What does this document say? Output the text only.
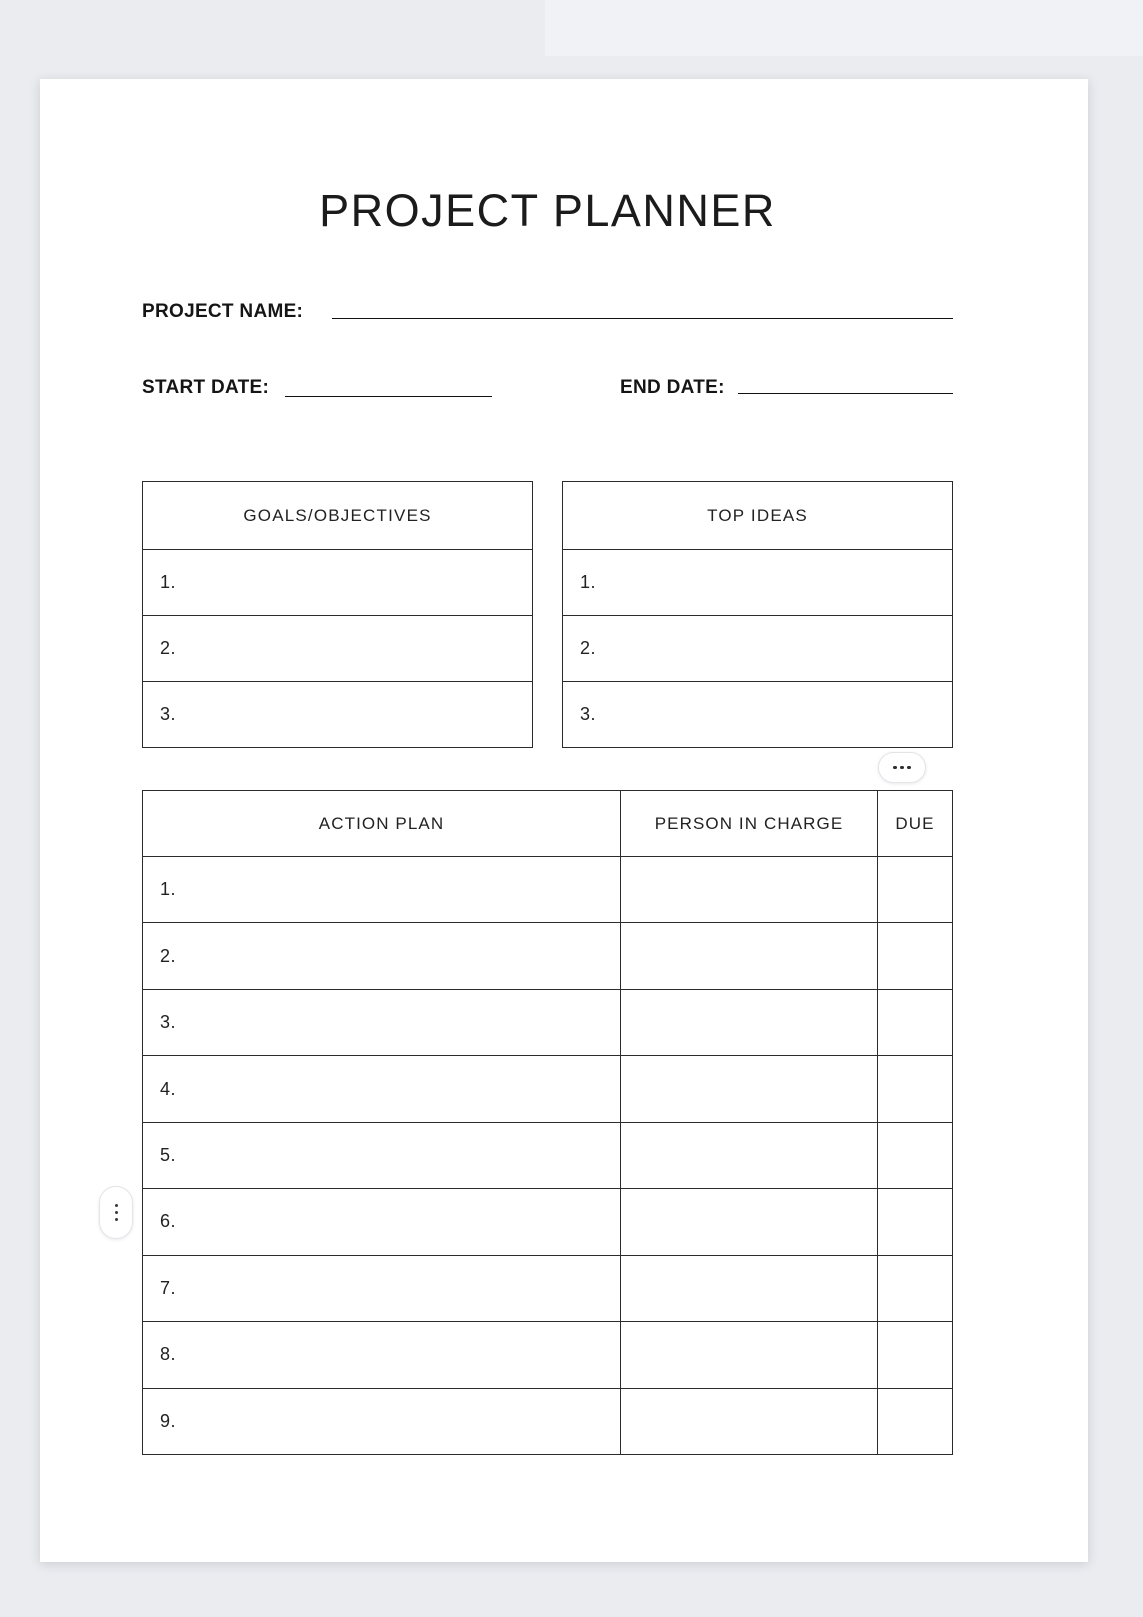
PROJECT PLANNER
PROJECT NAME:
START DATE:	END DATE:
GOALS/OBJECTIVES
1.
2.
3.
TOP IDEAS
1.
2.
3.
ACTION PLAN	PERSON IN CHARGE	DUE
1.
2.
3.
4.
5.
6.
7.
8.
9.
